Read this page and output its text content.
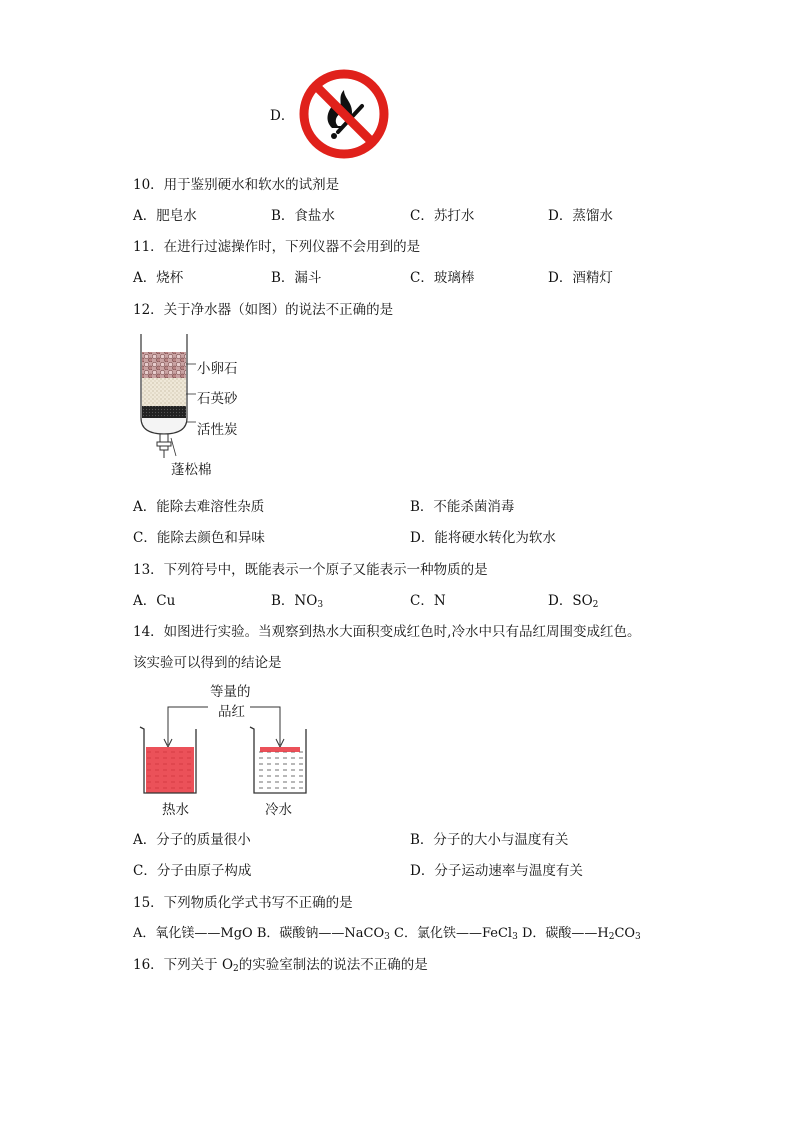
D．
10．用于鉴别硬水和软水的试剂是
A．肥皂水	B．食盐水	C．苏打水	D．蒸馏水
11．在进行过滤操作时，下列仪器不会用到的是
A．烧杯	B．漏斗	C．玻璃棒	D．酒精灯
12．关于净水器（如图）的说法不正确的是
小卵石
石英砂
活性炭
蓬松棉
A．能除去难溶性杂质	B．不能杀菌消毒
C．能除去颜色和异味	D．能将硬水转化为软水
13．下列符号中，既能表示一个原子又能表示一种物质的是
A．Cu	B．$NO_3$	C．N	D．$SO_2$
14．如图进行实验。当观察到热水大面积变成红色时,冷水中只有品红周围变成红色。
该实验可以得到的结论是
等量的
品红
热水	冷水
A．分子的质量很小	B．分子的大小与温度有关
C．分子由原子构成	D．分子运动速率与温度有关
15．下列物质化学式书写不正确的是
A．氧化镁——MgO B．碳酸钠——NaCO$_3$ C．氯化铁——FeCl$_3$ D．碳酸$——H_2CO_3$
16．下列关于 $O_2$的实验室制法的说法不正确的是
